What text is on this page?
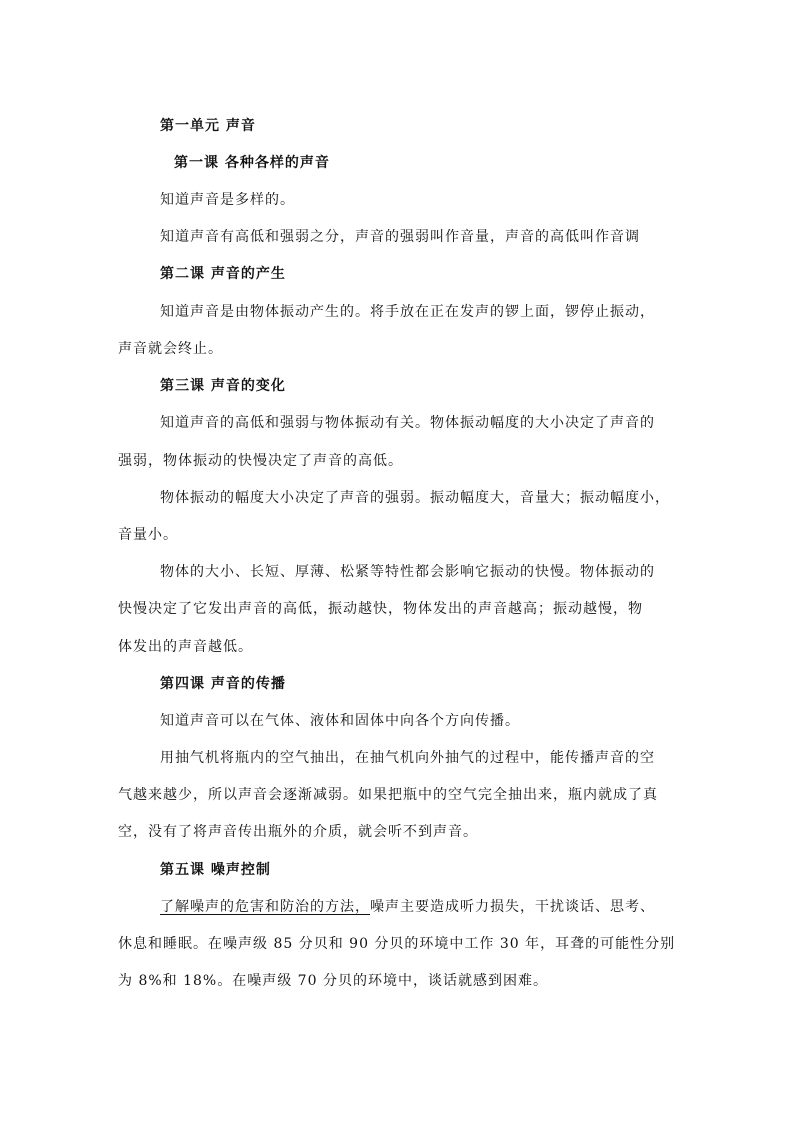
第一单元 声音
第一课 各种各样的声音
知道声音是多样的。
知道声音有高低和强弱之分，声音的强弱叫作音量，声音的高低叫作音调
第二课 声音的产生
知道声音是由物体振动产生的。将手放在正在发声的锣上面，锣停止振动，
声音就会终止。
第三课 声音的变化
知道声音的高低和强弱与物体振动有关。物体振动幅度的大小决定了声音的
强弱，物体振动的快慢决定了声音的高低。
物体振动的幅度大小决定了声音的强弱。振动幅度大，音量大；振动幅度小，
音量小。
物体的大小、长短、厚薄、松紧等特性都会影响它振动的快慢。物体振动的
快慢决定了它发出声音的高低，振动越快，物体发出的声音越高；振动越慢，物
体发出的声音越低。
第四课 声音的传播
知道声音可以在气体、液体和固体中向各个方向传播。
用抽气机将瓶内的空气抽出，在抽气机向外抽气的过程中，能传播声音的空
气越来越少，所以声音会逐渐减弱。如果把瓶中的空气完全抽出来，瓶内就成了真
空，没有了将声音传出瓶外的介质，就会听不到声音。
第五课 噪声控制
了解噪声的危害和防治的方法，噪声主要造成听力损失，干扰谈话、思考、
休息和睡眠。在噪声级 85 分贝和 90 分贝的环境中工作 30 年，耳聋的可能性分别
为 8%和 18%。在噪声级 70 分贝的环境中，谈话就感到困难。
